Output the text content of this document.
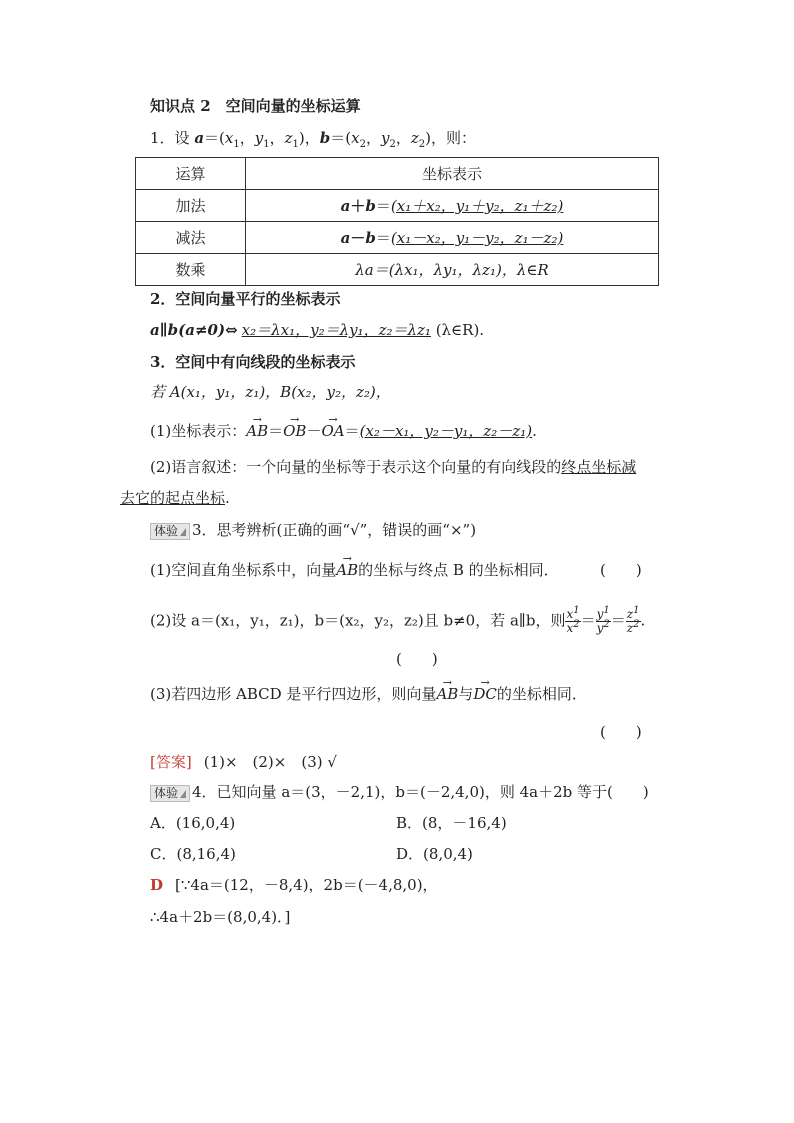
知识点 2　空间向量的坐标运算
1．设 $a=(x_1$，$y_1$，$z_1$)，$b=(x_2$，$y_2$，$z_2$)，则：
运算	坐标表示
加法	a＋b＝(x₁＋x₂，y₁＋y₂，z₁＋z₂)
减法	a－b＝(x₁－x₂，y₁－y₂，z₁－z₂)
数乘	λa＝(λx₁，λy₁，λz₁)，λ∈R
2．空间向量平行的坐标表示
a∥b(a≠0)⇔ x₂＝λx₁，y₂＝λy₁，z₂＝λz₁ (λ∈R).
3．空间中有向线段的坐标表示
若 A(x₁，y₁，z₁)，B(x₂，y₂，z₂)，
(1)坐标表示：→ AB＝→ OB－→ OA＝(x₂－x₁，y₂－y₁，z₂－z₁).
(2)语言叙述：一个向量的坐标等于表示这个向量的有向线段的终点坐标减
去它的起点坐标.
体验 3．思考辨析(正确的画“√”，错误的画“×”)
(1)空间直角坐标系中，向量→ AB的坐标与终点 B 的坐标相同．	(　　)
(2)设 a＝(x₁，y₁，z₁)，b＝(x₂，y₂，z₂)且 b≠0，若 a∥b，则 $\frac{x^1}{x^2} = \frac{y^1}{y^2} = \frac{z^1}{z^2}$ .
(　　)
(3)若四边形 ABCD 是平行四边形，则向量→ AB与→ DC的坐标相同．
(　　)
[答案] (1)×　(2)×　(3) √
体验 4．已知向量 a＝(3，－2,1)，b＝(－2,4,0)，则 4a＋2b 等于(　　)
A．(16,0,4)	B．(8，－16,4)
C．(8,16,4)	D．(8,0,4)
D [∵4a＝(12，－8,4)，2b＝(－4,8,0)，
∴4a＋2b＝(8,0,4)．]
